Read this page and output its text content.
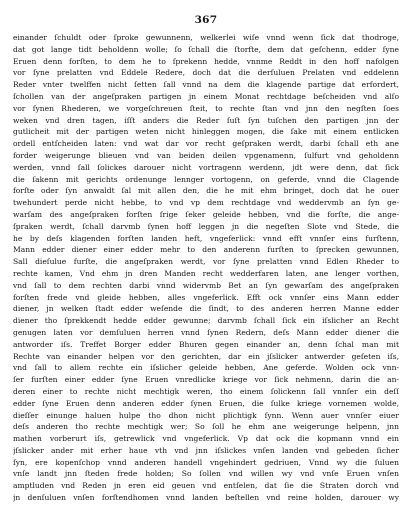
367
einander ſchuldt oder ſproke gewunnenn, welkerlei wiſe vnnd wenn ſick dat thodroge,
dat got lange tidt beholdenn wolle; ſo ſchall die ſtorfte, dem dat geſchenn, edder ſyne
Eruen denn forſten, to dem he to ſprekenn hedde, vnnme Reddt in den hoff nafolgen
vor ſyne prelatten vnd Eddele Redere, doch dat die derſuluen Prelaten vnd eddelenn
Reder vnter twelffen nicht ſetten ſall vnnd na dem die klagende partige dat erfordert,
ſchollen van der angeſpraken partigen jn einem Monat rechtdage beſcheiden vnd alſo
vor ſynen Rhederen, we vorgeſchreuen ſteit, to rechte ſtan vnd jnn den negſten ſoes
weken vnd dren tagen, iſſt anders die Reder ſuſt ſyn tuſchen den partigen jnn der
gutlicheit mit der partigen weten nicht hinleggen mogen, die ſake mit einem entlicken
ordell entſcheiden laten: vnd wat dar vor recht geſpraken werdt, darbi ſchall eth ane
forder weigerunge blieuen vnd van beiden deilen vpgenamenn, ſulfurt vnd geholdenn
werden, vnnd ſall ſolickes darouer nicht vortragenn werdenn, jdt were denn, dat ſick
die ſakenn mit gerichts ordenunge lennger vortogenn, on geferde, vnnd die Clagende
forſte oder ſyn anwaldt ſal mit allen den, die he mit ehm bringet, doch dat he ouer
twehundert perde nicht hebbe, to vnd vp dem rechtdage vnd weddervmb an ſyn ge-
warſam des angeſpraken forſten ſrige ſeker geleide hebben, vnd die forſte, die ange-
ſpraken werdt, ſchall darvmb ſynen hoff leggen jn die negeſten Slote vnd Stede, die
he by deſs klagenden forſten landen heft, vngeferlick: vnnd efft vnnſer eins furſtenn,
Mann edder diener einer edder mehr to den anderenn furſten to ſprecken gewunnen,
Sall dieſulue furſte, die angeſpraken werdt, vor ſyne prelatten vnnd Edlen Rheder to
rechte kamen, Vnd ehm jn dren Manden recht wedderfaren laten, ane lenger vorthen,
vnd ſall to dem rechten darbi vnnd widervmb Bet an ſyn gewarſam des angeſpraken
forſten frede vnd gleide hebben, alles vngeferlick. Efft ock vnnſer eins Mann edder
diener, jn welken ſtadt edder weſende die ſindt, to des anderen herren Manne edder
diener tho ſprekkendt hedde edder gewunne; darvmb ſchall ſick ein iſslicher an Recht
genugen laten vor demſuluen herren vnnd ſynen Redern, deſs Mann edder diener die
antworder iſs. Treffet Borger edder Bhuren gegen einander an, denn ſchal man mit
Rechte van einander helpen vor den gerichten, dar ein jſslicker antwerder geſeten iſs,
vnd ſall to allem rechte ein iſslicher geleide hebben, Ane geferde. Wolden ock vnn-
ſer furſten einer edder ſyne Eruen vnredlicke kriege vor ſick nehmenn, darin die an-
deren einer to rechte nicht mechtigk weren, tho einem ſolickenn ſall vnnſer ein deſſ
edder ſyne Eruen denn anderen edder ſynen Eruen, die ſulke kriege vornemen wolde,
dieſſer einunge haluen hulpe tho dhon nicht plichtigk ſynn. Wenn auer vnnſer eiuer
deſs anderen tho rechte mechtigk wer; So ſoll he ehm ane weigerunge helpenn, jnn
mathen vorberurt iſs, getrewlick vnd vngeferlick. Vp dat ock die kopmann vnnd ein
jſslicker ander mit erher haue vth vnd jnn iſslickes vnſen landen vnd gebeden ſicher
ſyn, ere kopenſchop vnnd anderen handell vngehindert gedriuen, Vnnd wy die ſuluen
vnſe landt jnn ſteden frede holden; So ſollen vnd willen wy vnd vnſe Eruen vnſen
amptluden vnd Reden jn eren eid geuen vnd entſelen, dat ſie die Straten dorch vnd
jn denſuluen vnſen forſtendhomen vnnd landen beſtellen vnd reine holden, darouer wy
